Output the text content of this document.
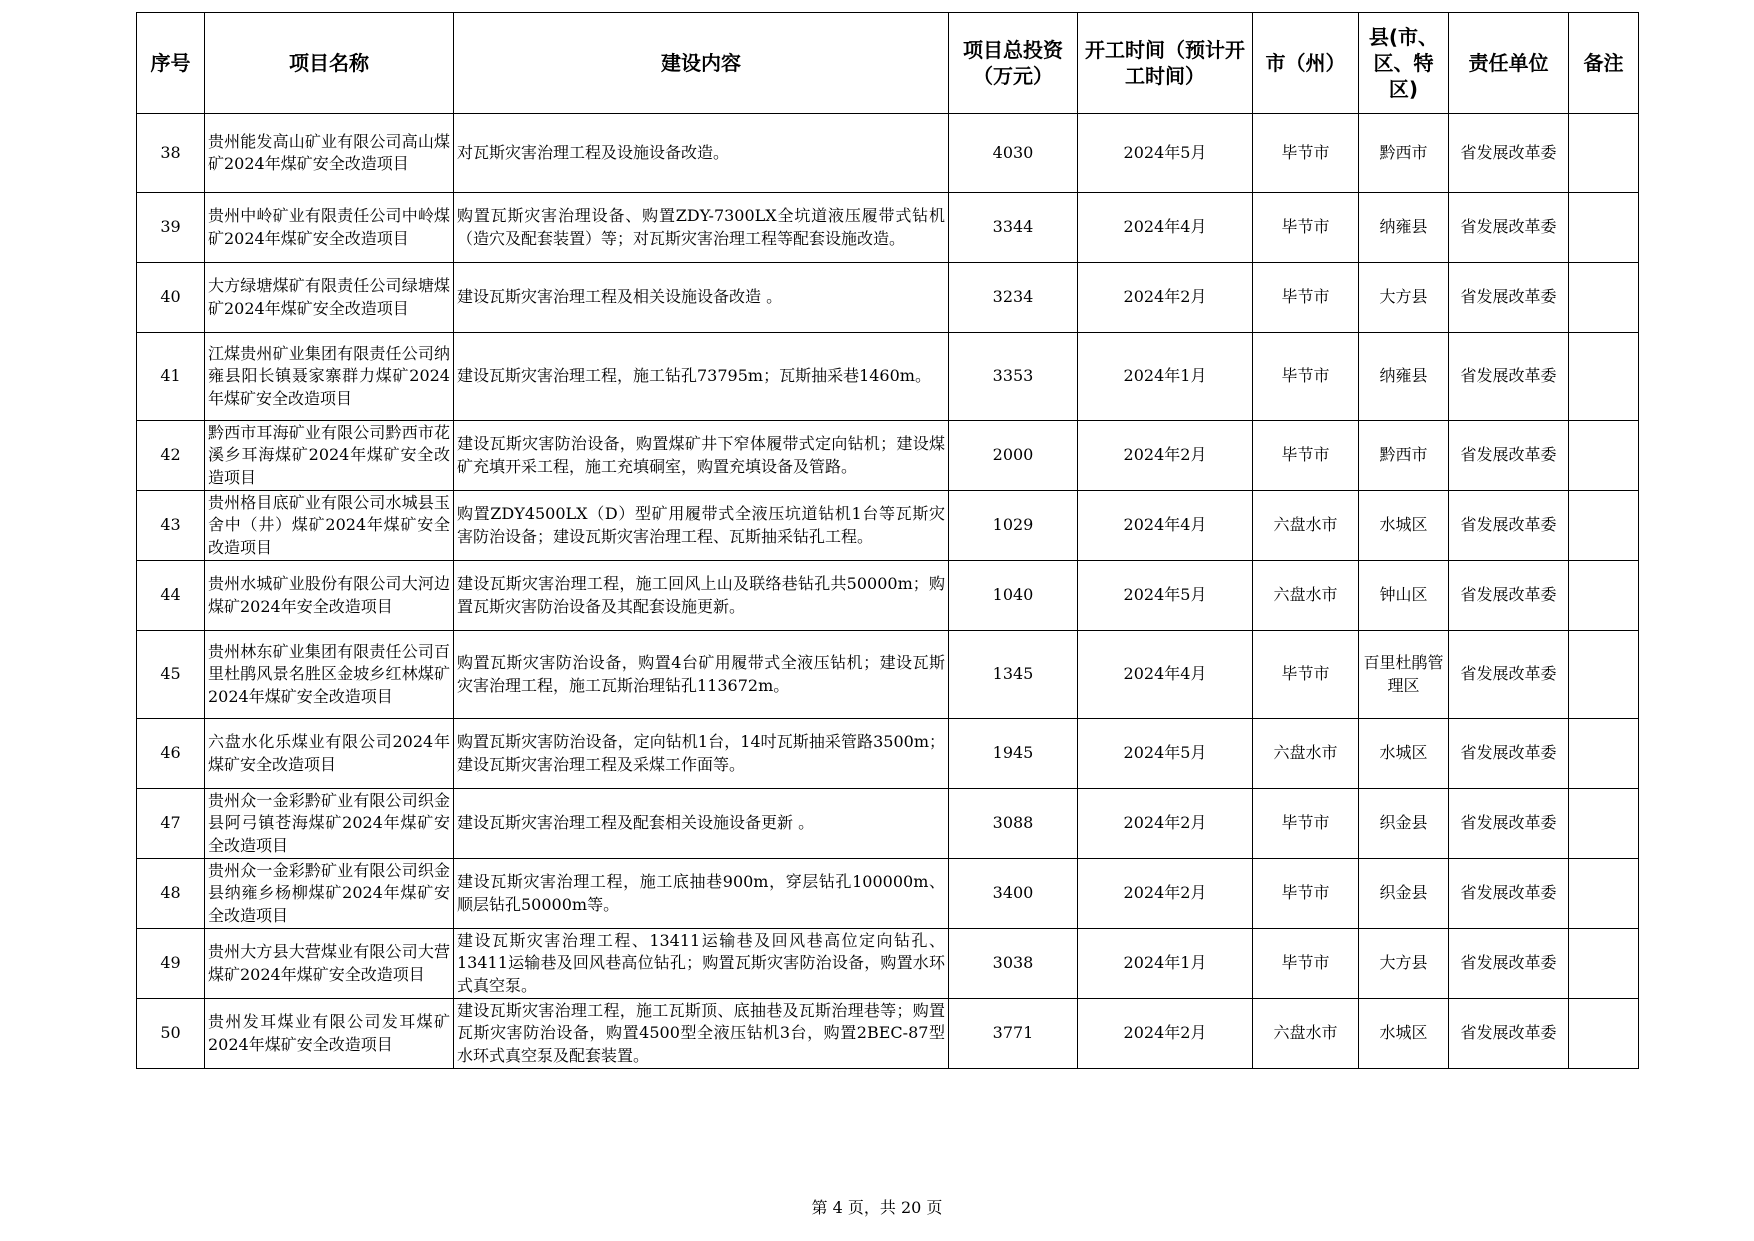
序号	项目名称	建设内容	项目总投资（万元）	开工时间（预计开工时间）	市（州）	县(市、区、特区)	责任单位	备注
38	贵州能发高山矿业有限公司高山煤矿2024年煤矿安全改造项目	对瓦斯灾害治理工程及设施设备改造。	4030	2024年5月	毕节市	黔西市	省发展改革委	
39	贵州中岭矿业有限责任公司中岭煤矿2024年煤矿安全改造项目	购置瓦斯灾害治理设备、购置ZDY-7300LX全坑道液压履带式钻机（造穴及配套装置）等；对瓦斯灾害治理工程等配套设施改造。	3344	2024年4月	毕节市	纳雍县	省发展改革委	
40	大方绿塘煤矿有限责任公司绿塘煤矿2024年煤矿安全改造项目	建设瓦斯灾害治理工程及相关设施设备改造 。	3234	2024年2月	毕节市	大方县	省发展改革委	
41	江煤贵州矿业集团有限责任公司纳雍县阳长镇聂家寨群力煤矿2024年煤矿安全改造项目	建设瓦斯灾害治理工程，施工钻孔73795m；瓦斯抽采巷1460m。	3353	2024年1月	毕节市	纳雍县	省发展改革委	
42	黔西市耳海矿业有限公司黔西市花溪乡耳海煤矿2024年煤矿安全改造项目	建设瓦斯灾害防治设备，购置煤矿井下窄体履带式定向钻机；建设煤矿充填开采工程，施工充填硐室，购置充填设备及管路。	2000	2024年2月	毕节市	黔西市	省发展改革委	
43	贵州格目底矿业有限公司水城县玉舍中（井）煤矿2024年煤矿安全改造项目	购置ZDY4500LX（D）型矿用履带式全液压坑道钻机1台等瓦斯灾害防治设备；建设瓦斯灾害治理工程、瓦斯抽采钻孔工程。	1029	2024年4月	六盘水市	水城区	省发展改革委	
44	贵州水城矿业股份有限公司大河边煤矿2024年安全改造项目	建设瓦斯灾害治理工程，施工回风上山及联络巷钻孔共50000m；购置瓦斯灾害防治设备及其配套设施更新。	1040	2024年5月	六盘水市	钟山区	省发展改革委	
45	贵州林东矿业集团有限责任公司百里杜鹃风景名胜区金坡乡红林煤矿2024年煤矿安全改造项目	购置瓦斯灾害防治设备，购置4台矿用履带式全液压钻机；建设瓦斯灾害治理工程，施工瓦斯治理钻孔113672m。	1345	2024年4月	毕节市	百里杜鹃管理区	省发展改革委	
46	六盘水化乐煤业有限公司2024年煤矿安全改造项目	购置瓦斯灾害防治设备，定向钻机1台，14吋瓦斯抽采管路3500m；建设瓦斯灾害治理工程及采煤工作面等。	1945	2024年5月	六盘水市	水城区	省发展改革委	
47	贵州众一金彩黔矿业有限公司织金县阿弓镇苍海煤矿2024年煤矿安全改造项目	建设瓦斯灾害治理工程及配套相关设施设备更新 。	3088	2024年2月	毕节市	织金县	省发展改革委	
48	贵州众一金彩黔矿业有限公司织金县纳雍乡杨柳煤矿2024年煤矿安全改造项目	建设瓦斯灾害治理工程，施工底抽巷900m，穿层钻孔100000m、顺层钻孔50000m等。	3400	2024年2月	毕节市	织金县	省发展改革委	
49	贵州大方县大营煤业有限公司大营煤矿2024年煤矿安全改造项目	建设瓦斯灾害治理工程、13411运输巷及回风巷高位定向钻孔、13411运输巷及回风巷高位钻孔；购置瓦斯灾害防治设备，购置水环式真空泵。	3038	2024年1月	毕节市	大方县	省发展改革委	
50	贵州发耳煤业有限公司发耳煤矿2024年煤矿安全改造项目	建设瓦斯灾害治理工程，施工瓦斯顶、底抽巷及瓦斯治理巷等；购置瓦斯灾害防治设备，购置4500型全液压钻机3台，购置2BEC-87型水环式真空泵及配套装置。	3771	2024年2月	六盘水市	水城区	省发展改革委	
第 4 页，共 20 页
